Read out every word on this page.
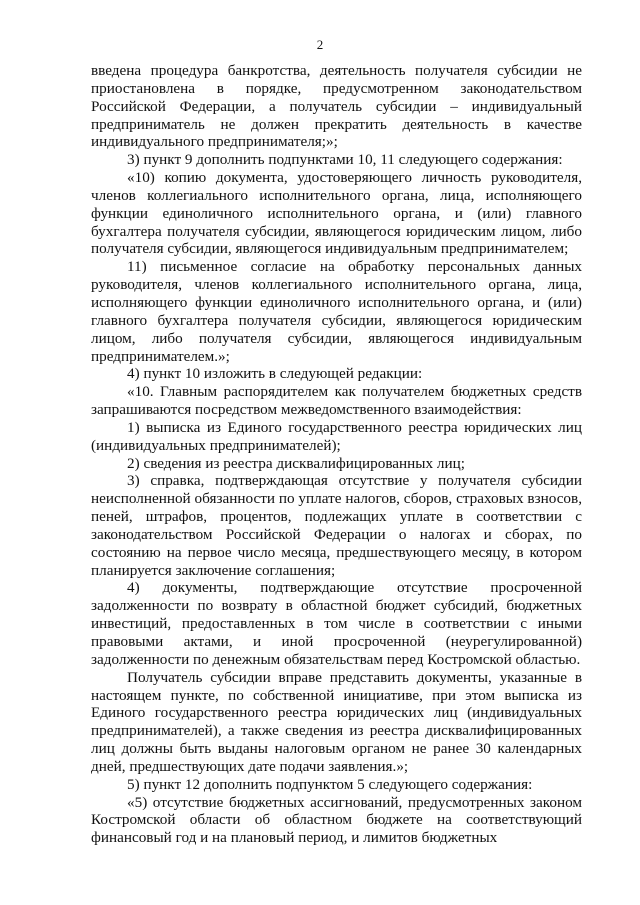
2

введена процедура банкротства, деятельность получателя субсидии не приостановлена в порядке, предусмотренном законодательством Российской Федерации, а получатель субсидии – индивидуальный предприниматель не должен прекратить деятельность в качестве индивидуального предпринимателя;»;

3) пункт 9 дополнить подпунктами 10, 11 следующего содержания:

«10) копию документа, удостоверяющего личность руководителя, членов коллегиального исполнительного органа, лица, исполняющего функции единоличного исполнительного органа, и (или) главного бухгалтера получателя субсидии, являющегося юридическим лицом, либо получателя субсидии, являющегося индивидуальным предпринимателем;

11) письменное согласие на обработку персональных данных руководителя, членов коллегиального исполнительного органа, лица, исполняющего функции единоличного исполнительного органа, и (или) главного бухгалтера получателя субсидии, являющегося юридическим лицом, либо получателя субсидии, являющегося индивидуальным предпринимателем.»;

4) пункт 10 изложить в следующей редакции:

«10. Главным распорядителем как получателем бюджетных средств запрашиваются посредством межведомственного взаимодействия:

1) выписка из Единого государственного реестра юридических лиц (индивидуальных предпринимателей);

2) сведения из реестра дисквалифицированных лиц;

3) справка, подтверждающая отсутствие у получателя субсидии неисполненной обязанности по уплате налогов, сборов, страховых взносов, пеней, штрафов, процентов, подлежащих уплате в соответствии с законодательством Российской Федерации о налогах и сборах, по состоянию на первое число месяца, предшествующего месяцу, в котором планируется заключение соглашения;

4) документы, подтверждающие отсутствие просроченной задолженности по возврату в областной бюджет субсидий, бюджетных инвестиций, предоставленных в том числе в соответствии с иными правовыми актами, и иной просроченной (неурегулированной) задолженности по денежным обязательствам перед Костромской областью.

Получатель субсидии вправе представить документы, указанные в настоящем пункте, по собственной инициативе, при этом выписка из Единого государственного реестра юридических лиц (индивидуальных предпринимателей), а также сведения из реестра дисквалифицированных лиц должны быть выданы налоговым органом не ранее 30 календарных дней, предшествующих дате подачи заявления.»;

5) пункт 12 дополнить подпунктом 5 следующего содержания:

«5) отсутствие бюджетных ассигнований, предусмотренных законом Костромской области об областном бюджете на соответствующий финансовый год и на плановый период, и лимитов бюджетных
